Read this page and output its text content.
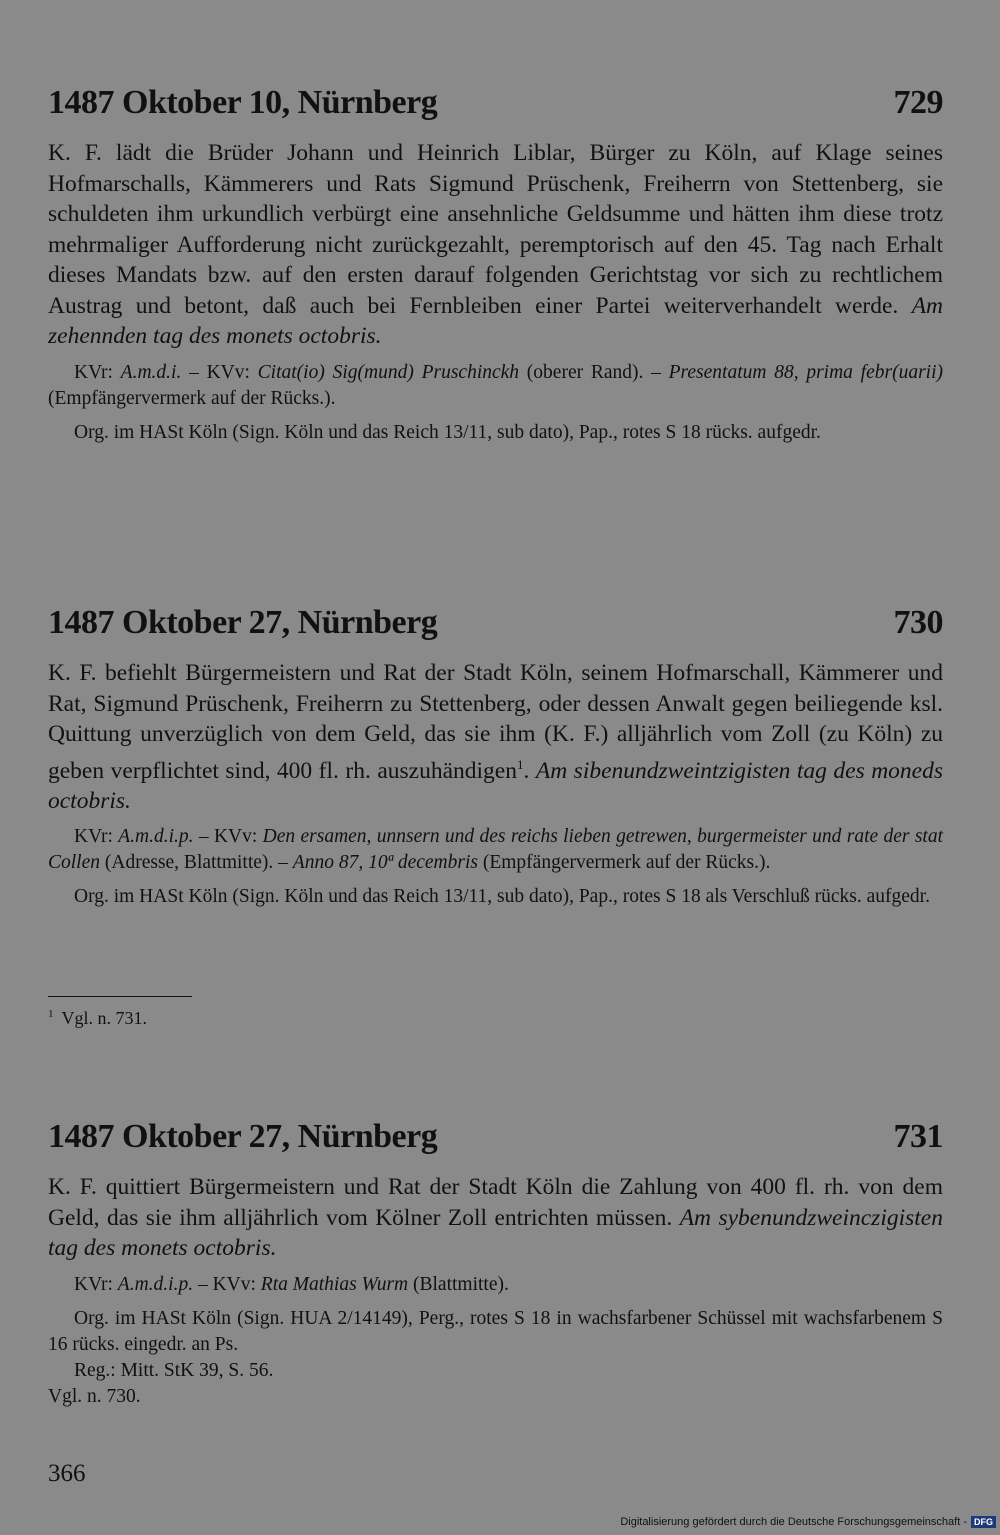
1487 Oktober 10, Nürnberg	729

K. F. lädt die Brüder Johann und Heinrich Liblar, Bürger zu Köln, auf Klage seines Hofmarschalls, Kämmerers und Rats Sigmund Prüschenk, Freiherrn von Stettenberg, sie schuldeten ihm urkundlich verbürgt eine ansehnliche Geldsumme und hätten ihm diese trotz mehrmaliger Aufforderung nicht zurückgezahlt, peremptorisch auf den 45. Tag nach Erhalt dieses Mandats bzw. auf den ersten darauf folgenden Gerichtstag vor sich zu rechtlichem Austrag und betont, daß auch bei Fernbleiben einer Partei weiterverhandelt werde. Am zehennden tag des monets octobris.

KVr: A.m.d.i. – KVv: Citat(io) Sig(mund) Pruschinckh (oberer Rand). – Presentatum 88, prima febr(uarii) (Empfängervermerk auf der Rücks.).

Org. im HASt Köln (Sign. Köln und das Reich 13/11, sub dato), Pap., rotes S 18 rücks. aufgedr.

1487 Oktober 27, Nürnberg	730

K. F. befiehlt Bürgermeistern und Rat der Stadt Köln, seinem Hofmarschall, Kämmerer und Rat, Sigmund Prüschenk, Freiherrn zu Stettenberg, oder dessen Anwalt gegen beiliegende ksl. Quittung unverzüglich von dem Geld, das sie ihm (K. F.) alljährlich vom Zoll (zu Köln) zu geben verpflichtet sind, 400 fl. rh. auszuhändigen$^1$. Am sibenundzweintzigisten tag des moneds octobris.

KVr: A.m.d.i.p. – KVv: Den ersamen, unnsern und des reichs lieben getrewen, burgermeister und rate der stat Collen (Adresse, Blattmitte). – Anno 87, 10ª decembris (Empfängervermerk auf der Rücks.).

Org. im HASt Köln (Sign. Köln und das Reich 13/11, sub dato), Pap., rotes S 18 als Verschluß rücks. aufgedr.

$^1$ Vgl. n. 731.
1487 Oktober 27, Nürnberg	731

K. F. quittiert Bürgermeistern und Rat der Stadt Köln die Zahlung von 400 fl. rh. von dem Geld, das sie ihm alljährlich vom Kölner Zoll entrichten müssen. Am sybenundzweinczigisten tag des monets octobris.

KVr: A.m.d.i.p. – KVv: Rta Mathias Wurm (Blattmitte).

Org. im HASt Köln (Sign. HUA 2/14149), Perg., rotes S 18 in wachsfarbener Schüssel mit wachsfarbenem S 16 rücks. eingedr. an Ps.

Reg.: Mitt. StK 39, S. 56.

Vgl. n. 730.

366
Digitalisierung gefördert durch die Deutsche Forschungsgemeinschaft - DFG
